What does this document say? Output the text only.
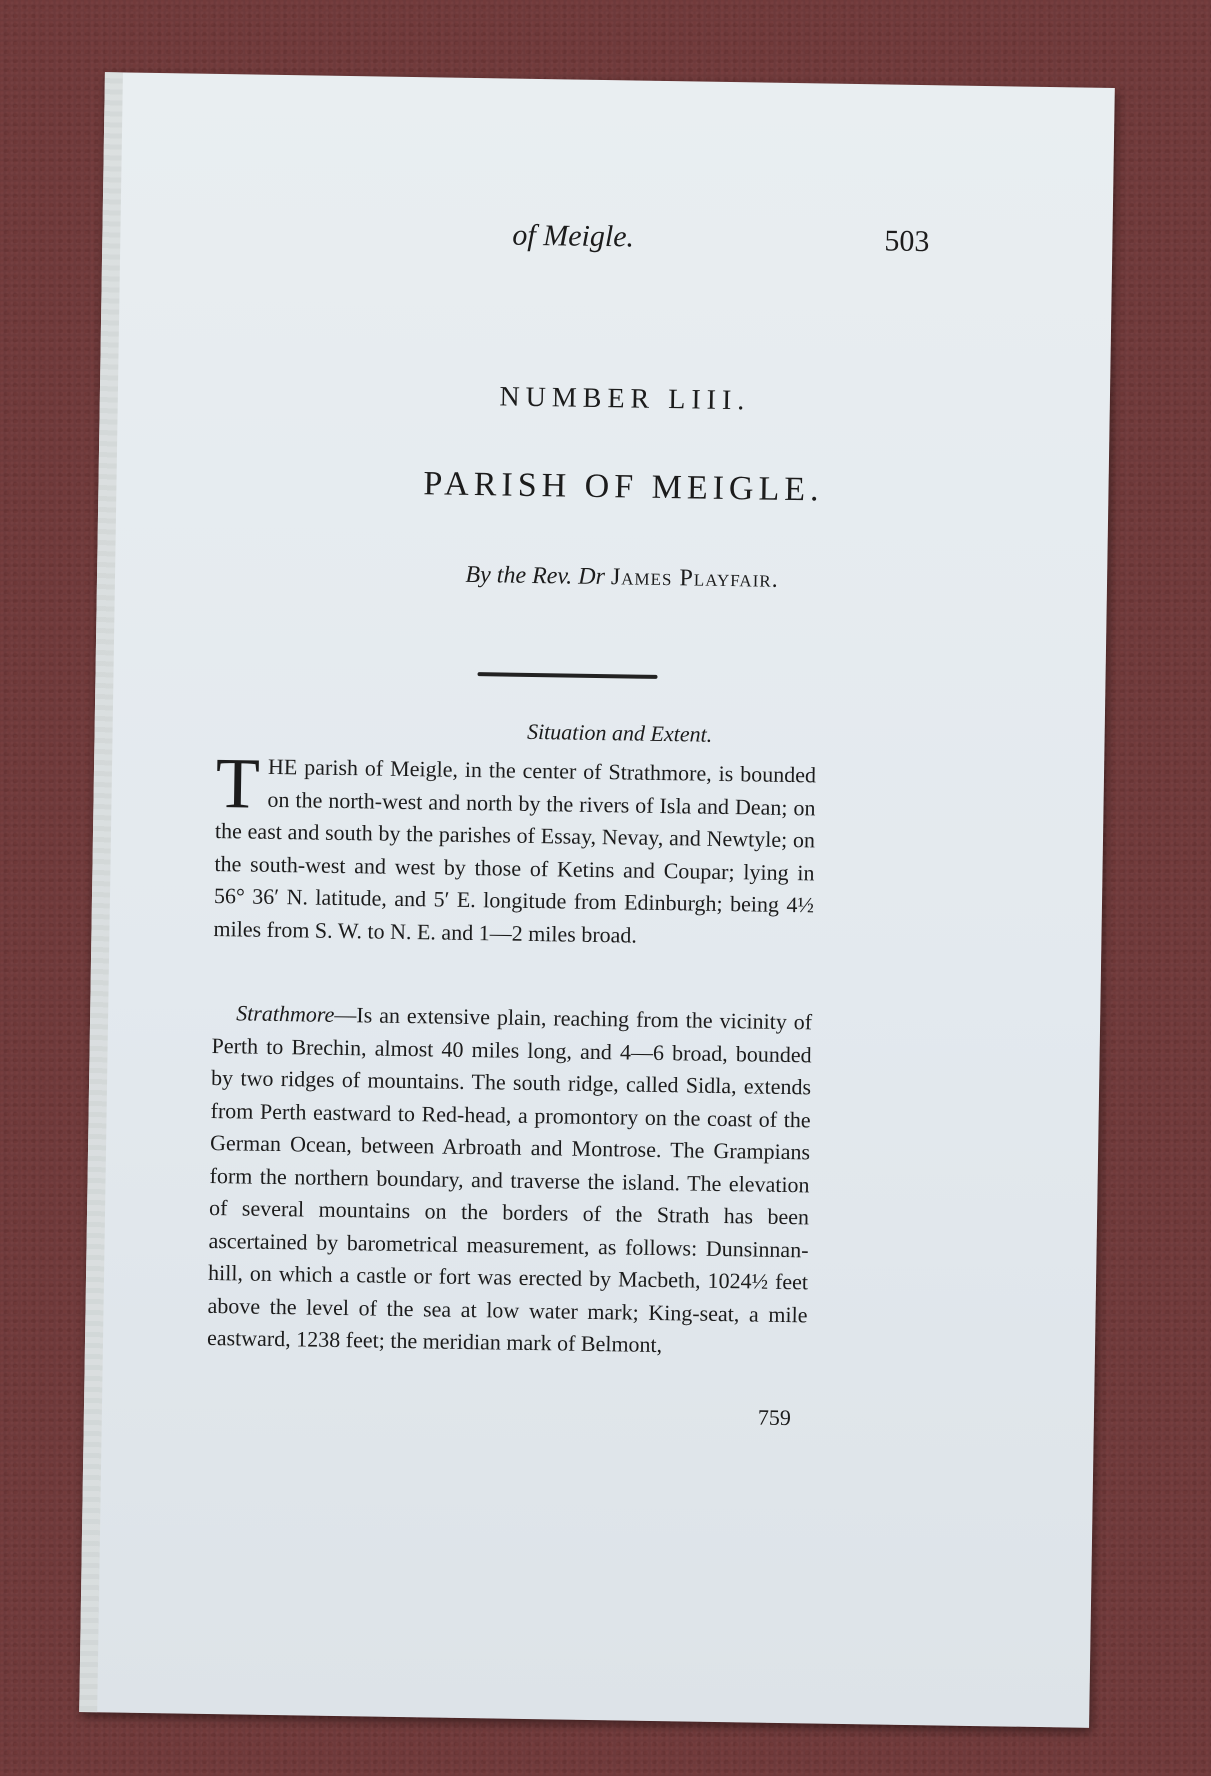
of Meigle.	503
NUMBER LIII.
PARISH OF MEIGLE.
By the Rev. Dr James Playfair.
Situation and Extent.
T HE parish of Meigle, in the center of Strathmore, is bounded on the north-west and north by the rivers of Isla and Dean; on the east and south by the parishes of Essay, Nevay, and Newtyle; on the south-west and west by those of Ketins and Coupar; lying in 56° 36′ N. latitude, and 5′ E. longitude from Edinburgh; being 4½ miles from S. W. to N. E. and 1—2 miles broad.
Strathmore—Is an extensive plain, reaching from the vicinity of Perth to Brechin, almost 40 miles long, and 4—6 broad, bounded by two ridges of mountains. The south ridge, called Sidla, extends from Perth eastward to Red-head, a promontory on the coast of the German Ocean, between Arbroath and Montrose. The Grampians form the northern boundary, and traverse the island. The elevation of several mountains on the borders of the Strath has been ascertained by barometrical measurement, as follows: Dunsinnan-hill, on which a castle or fort was erected by Macbeth, 1024½ feet above the level of the sea at low water mark; King-seat, a mile eastward, 1238 feet; the meridian mark of Belmont,
759
